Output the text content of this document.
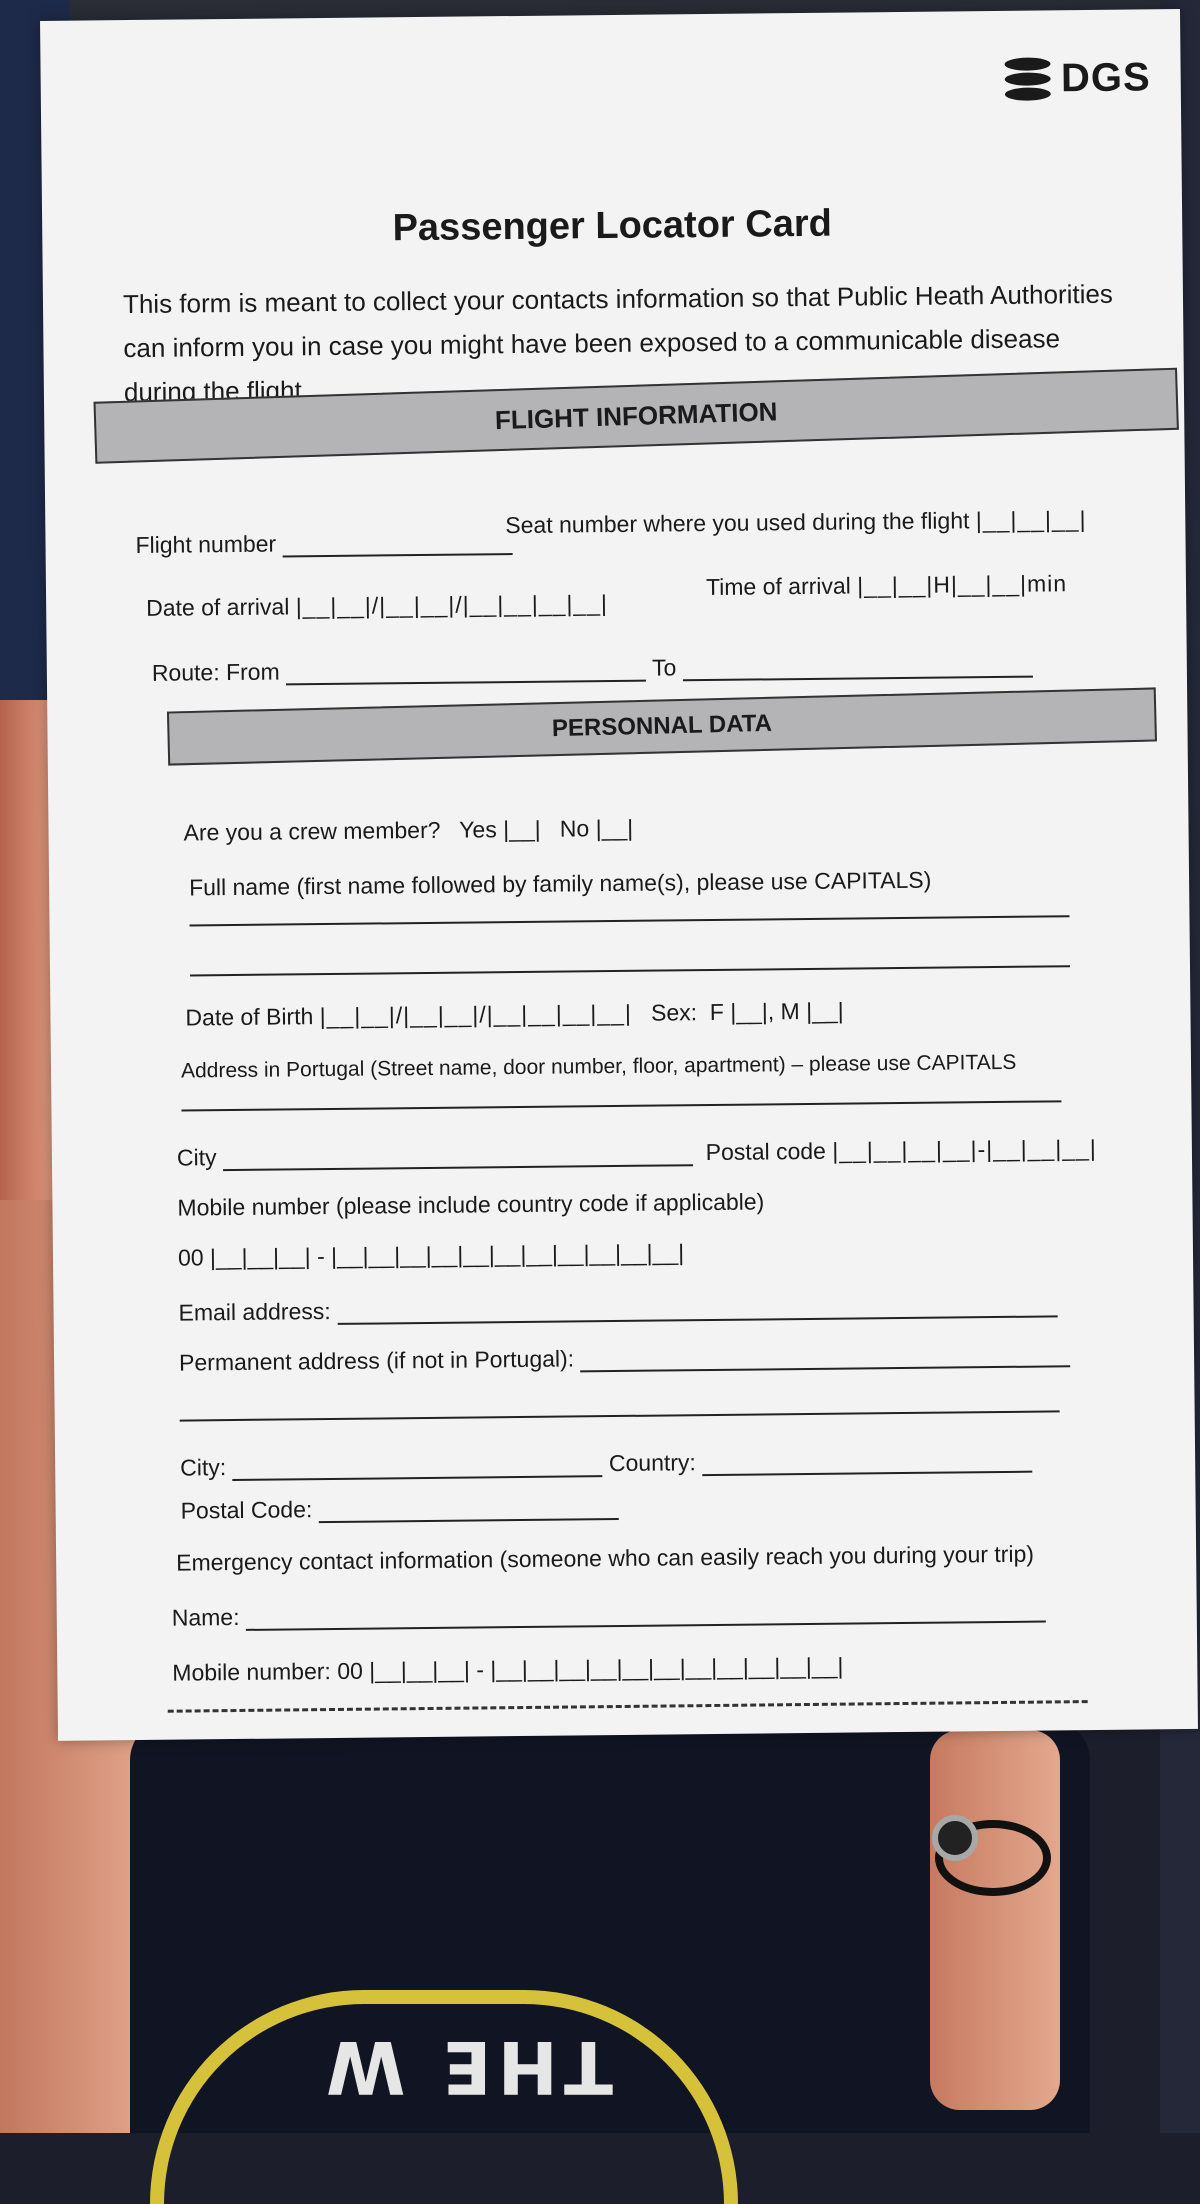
THE W
DGS
Passenger Locator Card
This form is meant to collect your contacts information so that Public Heath Authorities can inform you in case you might have been exposed to a communicable disease during the flight.
FLIGHT INFORMATION
Flight number
Seat number where you used during the flight |__|__|__|
Date of arrival |__|__|/|__|__|/|__|__|__|__|
Time of arrival |__|__|H|__|__|min
Route: From	To
PERSONNAL DATA
Are you a crew member? Yes |__| No |__|
Full name (first name followed by family name(s), please use CAPITALS)
Date of Birth |__|__|/|__|__|/|__|__|__|__| Sex: F |__|, M |__|
Address in Portugal (Street name, door number, floor, apartment) – please use CAPITALS
City	Postal code |__|__|__|__|-|__|__|__|
Mobile number (please include country code if applicable)
00 |__|__|__| - |__|__|__|__|__|__|__|__|__|__|__|
Email address:
Permanent address (if not in Portugal):
City:	Country:
Postal Code:
Emergency contact information (someone who can easily reach you during your trip)
Name:
Mobile number: 00 |__|__|__| - |__|__|__|__|__|__|__|__|__|__|__|
